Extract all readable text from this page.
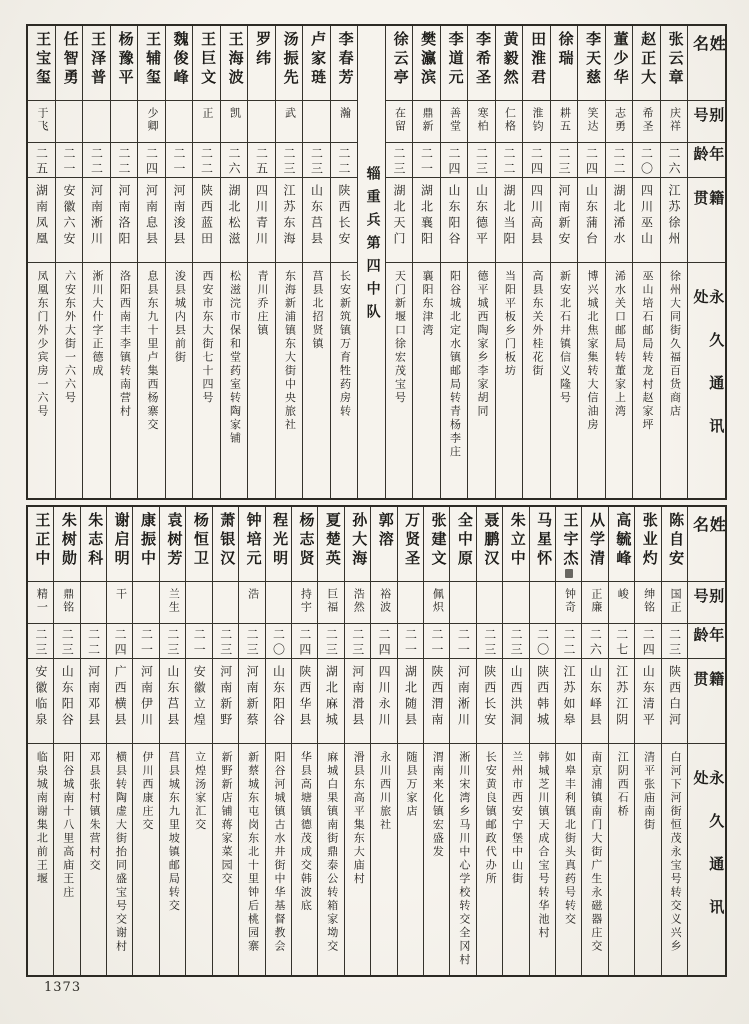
姓名
别号
年龄
籍贯
永久通讯处
张云章
庆祥
二六
江苏徐州
徐州大同街久福百货商店
赵正大
希圣
二〇
四川巫山
巫山培石邮局转龙村赵家坪
董少华
志勇
二二
湖北浠水
浠水关口邮局转董家上湾
李天慈
笑达
二四
山东蒲台
博兴城北焦家集转大信油房
徐瑞
耕五
二三
河南新安
新安北石井镇信义隆号
田淮君
淮钧
二四
四川高县
高县东关外桂花街
黄毅然
仁格
二二
湖北当阳
当阳平板乡门板坊
李希圣
寒柏
二三
山东德平
德平城西陶家乡李家胡同
李道元
善堂
二四
山东阳谷
阳谷城北定水镇邮局转青杨李庄
樊瀛滨
鼎新
二一
湖北襄阳
襄阳东津湾
徐云亭
在留
二三
湖北天门
天门新堰口徐宏茂宝号
辎重兵第四中队
李春芳
瀚
二二
陕西长安
长安新筑镇万育牲药房转
卢家琏
二三
山东莒县
莒县北招贤镇
汤振先
武
二三
江苏东海
东海新浦镇东大街中央旅社
罗纬
二五
四川青川
青川乔庄镇
王海波
凯
二六
湖北松滋
松滋浣市保和堂药室转陶家铺
王巨文
正
二二
陕西蓝田
西安市东大街七十四号
魏俊峰
二一
河南浚县
浚县城内县前街
王辅玺
少卿
二四
河南息县
息县东九十里卢集西杨寨交
杨豫平
二二
河南洛阳
洛阳西南丰李镇转南营村
王泽普
二二
河南淅川
淅川大什字正德成
任智勇
二一
安徽六安
六安东外大街一六六号
王宝玺
于飞
二五
湖南凤凰
凤凰东门外少宾房一六号
姓名
别号
年龄
籍贯
永久通讯处
陈自安
国正
二三
陕西白河
白河下河街恒茂永宝号转交义兴乡
张业灼
绅铭
二四
山东清平
清平张庙南街
高毓峰
峻
二七
江苏江阴
江阴西石桥
从学清
正廉
二六
山东峄县
南京浦镇南门大街广生永磁器庄交
王宇杰
钟奇
二二
江苏如皋
如皋丰利镇北街头真药号转交
马星怀
二〇
陕西韩城
韩城芝川镇天成合宝号转华池村
朱立中
二三
山西洪洞
兰州市西安宁堡中山街
聂鹏汉
二三
陕西长安
长安黄良镇邮政代办所
全中原
二一
河南淅川
淅川宋湾乡马川中心学校转交全冈村
张建文
佩炽
二一
陕西渭南
渭南来化镇宏盛发
万贤圣
二一
湖北随县
随县万家店
郭溶
裕波
二四
四川永川
永川西川旅社
孙大海
浩然
二三
河南滑县
滑县东高平集东大庙村
夏楚英
巨福
二三
湖北麻城
麻城白果镇南街鼎泰公转箱家坳交
杨志贤
持宇
二四
陕西华县
华县高塘镇德茂成交韩波底
程光明
二〇
山东阳谷
阳谷河城镇古水井街中华基督教会
钟培元
浩
二三
河南新蔡
新蔡城东屯岗东北十里钟后桃园寨
萧银汉
二三
河南新野
新野新店铺蒋家菜园交
杨恒卫
二一
安徽立煌
立煌汤家汇交
袁树芳
兰生
二三
山东莒县
莒县城东九里坡镇邮局转交
康振中
二一
河南伊川
伊川西康庄交
谢启明
干
二四
广西横县
横县转陶虚大街抬同盛宝号交谢村
朱志科
二二
河南邓县
邓县张村镇朱营村交
朱树勋
鼎铭
二三
山东阳谷
阳谷城南十八里高庙王庄
王正中
精一
二三
安徽临泉
临泉城南谢集北前王堰
1373
